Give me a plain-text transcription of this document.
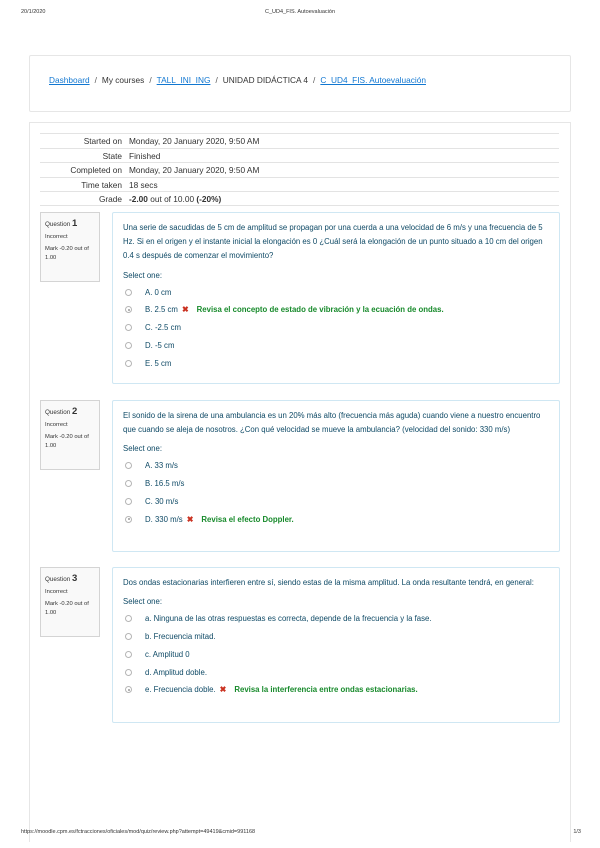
20/1/2020	C_UD4_FIS. Autoevaluación
Dashboard / My courses / TALL_INI_ING / UNIDAD DIDÁCTICA 4 / C_UD4_FIS. Autoevaluación
Started on Monday, 20 January 2020, 9:50 AM
State Finished
Completed on Monday, 20 January 2020, 9:50 AM
Time taken 18 secs
Grade -2.00 out of 10.00 (-20%)
Question 1
Incorrect
Mark -0.20 out of 1.00
Una serie de sacudidas de 5 cm de amplitud se propagan por una cuerda a una velocidad de 6 m/s y una frecuencia de 5 Hz. Si en el origen y el instante inicial la elongación es 0 ¿Cuál será la elongación de un punto situado a 10 cm del origen 0.4 s después de comenzar el movimiento?
Select one:
A. 0 cm
B. 2.5 cm ✖ Revisa el concepto de estado de vibración y la ecuación de ondas.
C. -2.5 cm
D. -5 cm
E. 5 cm
Question 2
Incorrect
Mark -0.20 out of 1.00
El sonido de la sirena de una ambulancia es un 20% más alto (frecuencia más aguda) cuando viene a nuestro encuentro que cuando se aleja de nosotros. ¿Con qué velocidad se mueve la ambulancia? (velocidad del sonido: 330 m/s)
Select one:
A. 33 m/s
B. 16.5 m/s
C. 30 m/s
D. 330 m/s ✖ Revisa el efecto Doppler.
Question 3
Incorrect
Mark -0.20 out of 1.00
Dos ondas estacionarias interfieren entre sí, siendo estas de la misma amplitud. La onda resultante tendrá, en general:
Select one:
a. Ninguna de las otras respuestas es correcta, depende de la frecuencia y la fase.
b. Frecuencia mitad.
c. Amplitud 0
d. Amplitud doble.
e. Frecuencia doble. ✖ Revisa la interferencia entre ondas estacionarias.
https://moodle.cpm.es/fctracciones/oficiales/mod/quiz/review.php?attempt=49419&cmid=991168	1/3
